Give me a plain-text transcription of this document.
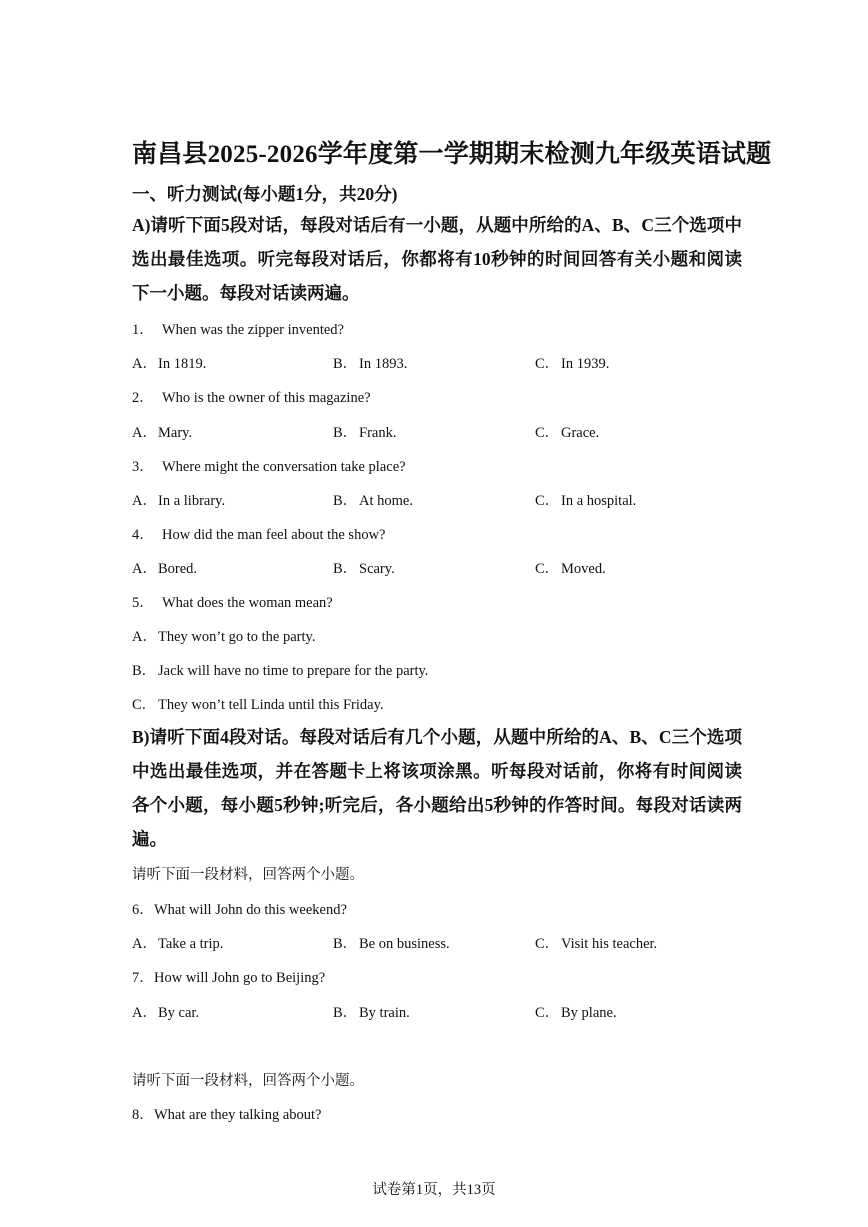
南昌县2025-2026学年度第一学期期末检测九年级英语试题
一、听力测试(每小题1分，共20分)
A)请听下面5段对话，每段对话后有一小题，从题中所给的A、B、C三个选项中选出最佳选项。听完每段对话后，你都将有10秒钟的时间回答有关小题和阅读下一小题。每段对话读两遍。
1． When was the zipper invented?
A．In 1819.	B． In 1893.	C． In 1939.
2． Who is the owner of this magazine?
A．Mary.	B． Frank.	C． Grace.
3． Where might the conversation take place?
A．In a library.	B． At home.	C． In a hospital.
4． How did the man feel about the show?
A．Bored.	B． Scary.	C． Moved.
5． What does the woman mean?
A．They won’t go to the party.
B． Jack will have no time to prepare for the party.
C． They won’t tell Linda until this Friday.
B)请听下面4段对话。每段对话后有几个小题，从题中所给的A、B、C三个选项中选出最佳选项，并在答题卡上将该项涂黑。听每段对话前，你将有时间阅读各个小题，每小题5秒钟;听完后，各小题给出5秒钟的作答时间。每段对话读两遍。
请听下面一段材料，回答两个小题。
6．What will John do this weekend?
A．Take a trip.	B． Be on business.	C． Visit his teacher.
7．How will John go to Beijing?
A．By car.	B． By train.	C． By plane.
请听下面一段材料，回答两个小题。
8．What are they talking about?
试卷第1页，共13页
